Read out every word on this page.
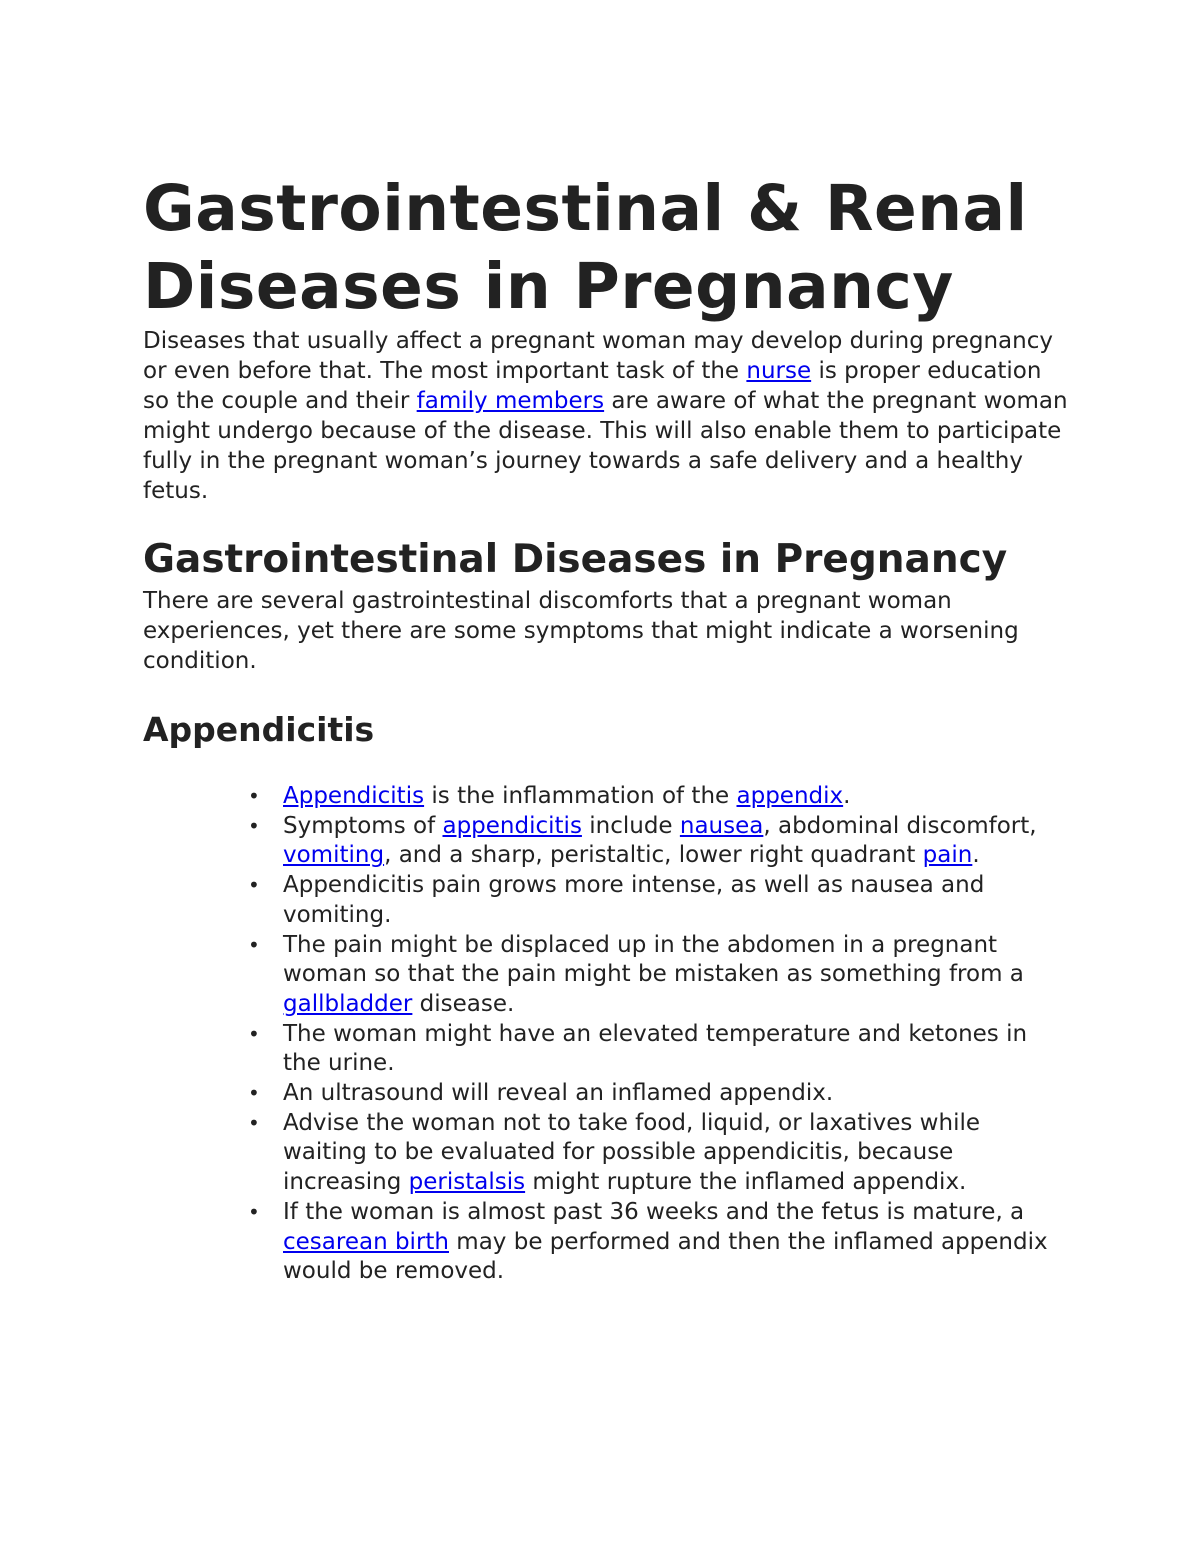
Gastrointestinal & Renal Diseases in Pregnancy

Diseases that usually affect a pregnant woman may develop during pregnancy or even before that. The most important task of the nurse is proper education so the couple and their family members are aware of what the pregnant woman might undergo because of the disease. This will also enable them to participate fully in the pregnant woman’s journey towards a safe delivery and a healthy fetus.

Gastrointestinal Diseases in Pregnancy

There are several gastrointestinal discomforts that a pregnant woman experiences, yet there are some symptoms that might indicate a worsening condition.

Appendicitis
• Appendicitis is the inflammation of the appendix.
• Symptoms of appendicitis include nausea, abdominal discomfort, vomiting, and a sharp, peristaltic, lower right quadrant pain.
• Appendicitis pain grows more intense, as well as nausea and vomiting.
• The pain might be displaced up in the abdomen in a pregnant woman so that the pain might be mistaken as something from a gallbladder disease.
• The woman might have an elevated temperature and ketones in the urine.
• An ultrasound will reveal an inflamed appendix.
• Advise the woman not to take food, liquid, or laxatives while waiting to be evaluated for possible appendicitis, because increasing peristalsis might rupture the inflamed appendix.
• If the woman is almost past 36 weeks and the fetus is mature, a cesarean birth may be performed and then the inflamed appendix would be removed.
